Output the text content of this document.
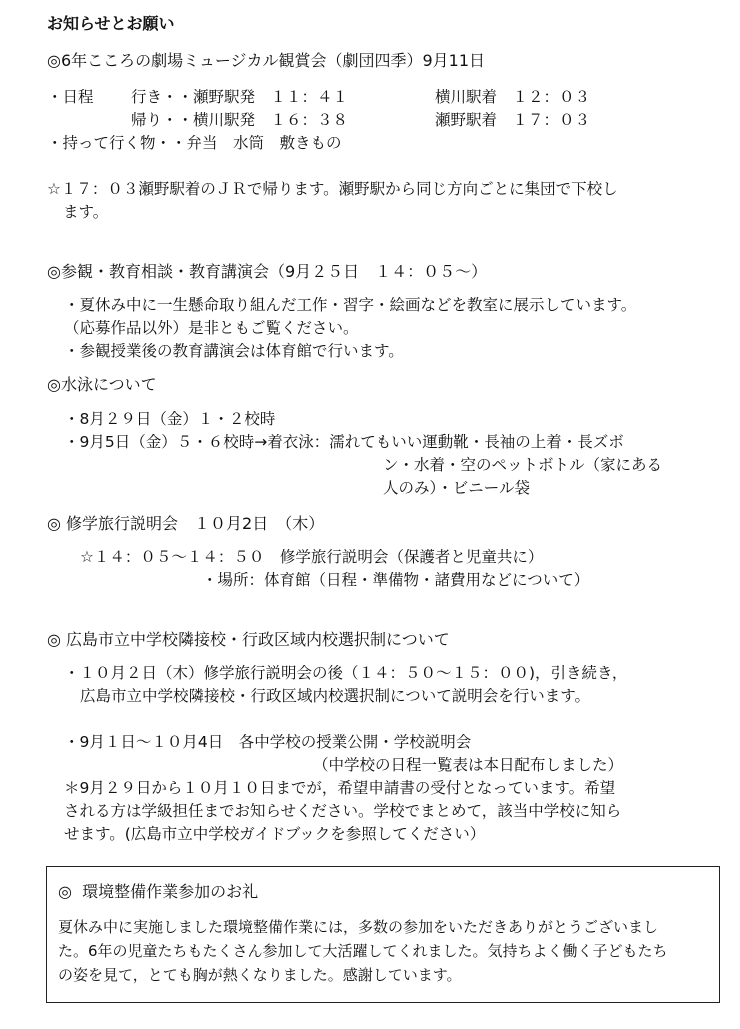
お知らせとお願い
◎6年こころの劇場ミュージカル観賞会（劇団四季）9月11日
・日程 行き・・瀬野駅発　１１：４１	横川駅着　１２：０３
帰り・・横川駅発　１６：３８	瀬野駅着　１７：０３
・持って行く物・・弁当　水筒　敷きもの
☆１７：０３瀬野駅着のＪＲで帰ります。瀬野駅から同じ方向ごとに集団で下校し
ます。
◎参観・教育相談・教育講演会（9月２５日　１４：０５～）
・夏休み中に一生懸命取り組んだ工作・習字・絵画などを教室に展示しています。
（応募作品以外）是非ともご覧ください。
・参観授業後の教育講演会は体育館で行います。
◎水泳について
・8月２９日（金）１・２校時
・9月5日（金）５・６校時→着衣泳：濡れてもいい運動靴・長袖の上着・長ズボ
ン・水着・空のペットボトル（家にある
人のみ）・ビニール袋
◎ 修学旅行説明会　１０月2日　（木）
☆１４：０５～１４：５０　修学旅行説明会（保護者と児童共に）
・場所：体育館（日程・準備物・諸費用などについて）
◎ 広島市立中学校隣接校・行政区域内校選択制について
・１０月２日（木）修学旅行説明会の後（１４：５０～１５：００)，引き続き，
広島市立中学校隣接校・行政区域内校選択制について説明会を行います。
・9月１日～１０月4日　各中学校の授業公開・学校説明会
（中学校の日程一覧表は本日配布しました）
＊9月２９日から１０月１０日までが，希望申請書の受付となっています。希望
される方は学級担任までお知らせください。学校でまとめて，該当中学校に知ら
せます。(広島市立中学校ガイドブックを参照してください）
◎  環境整備作業参加のお礼
夏休み中に実施しました環境整備作業には，多数の参加をいただきありがとうございまし
た。6年の児童たちもたくさん参加して大活躍してくれました。気持ちよく働く子どもたち
の姿を見て，とても胸が熱くなりました。感謝しています。
